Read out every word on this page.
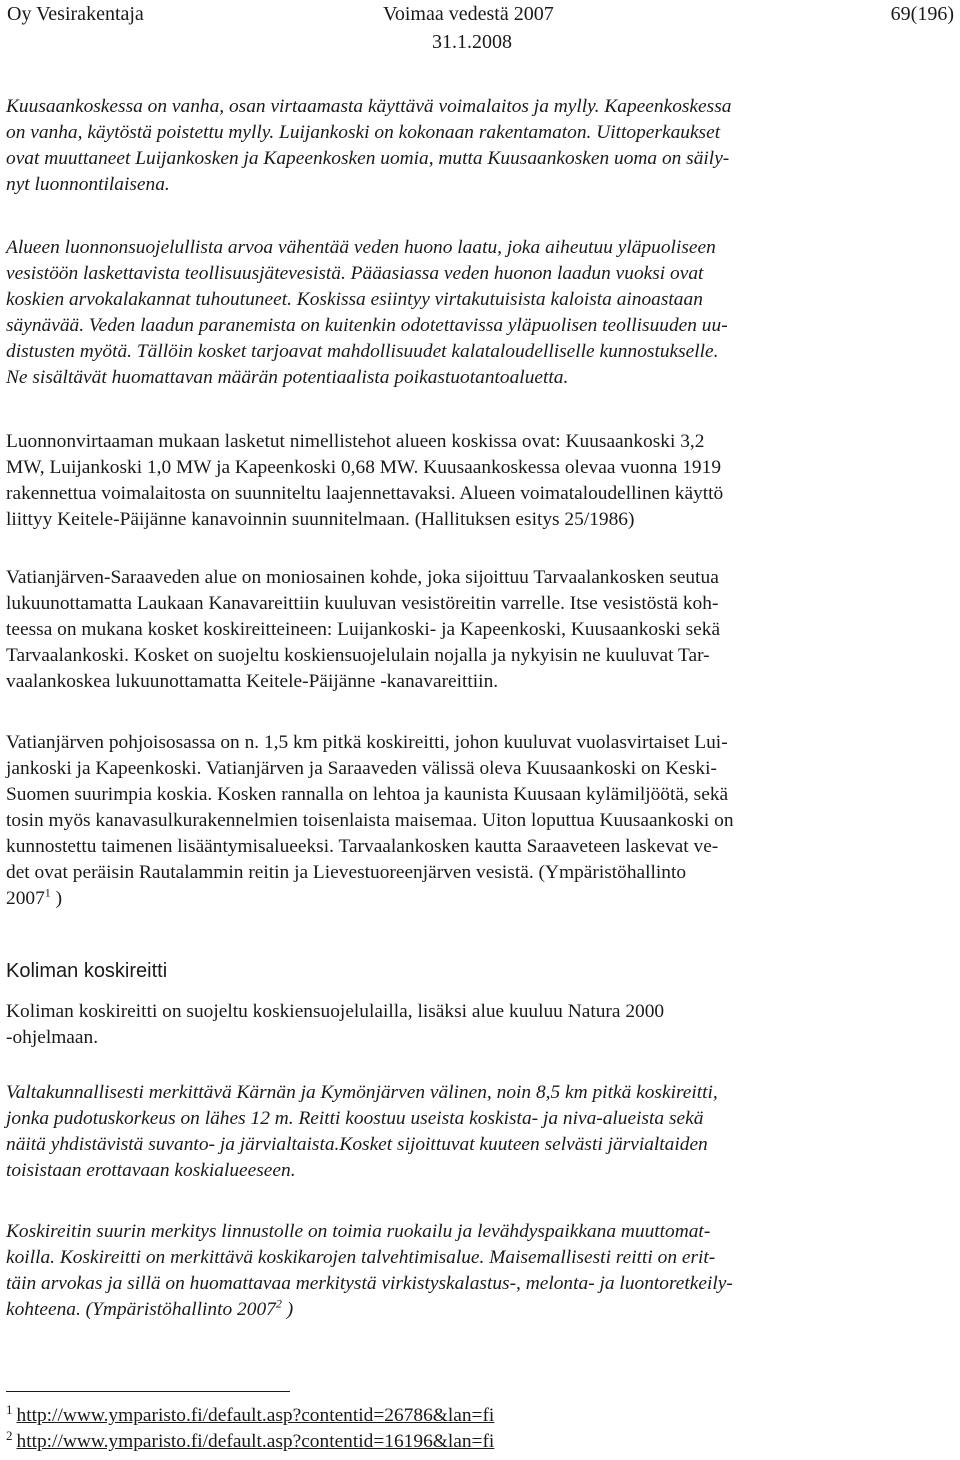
Oy Vesirakentaja	Voimaa vedestä 2007
31.1.2008
69(196)
Kuusaankoskessa on vanha, osan virtaamasta käyttävä voimalaitos ja mylly. Kapeenkoskessa
on vanha, käytöstä poistettu mylly. Luijankoski on kokonaan rakentamaton. Uittoperkaukset
ovat muuttaneet Luijankosken ja Kapeenkosken uomia, mutta Kuusaankosken uoma on säily-
nyt luonnontilaisena.
Alueen luonnonsuojelullista arvoa vähentää veden huono laatu, joka aiheutuu yläpuoliseen
vesistöön laskettavista teollisuusjätevesistä. Pääasiassa veden huonon laadun vuoksi ovat
koskien arvokalakannat tuhoutuneet. Koskissa esiintyy virtakutuisista kaloista ainoastaan
säynävää. Veden laadun paranemista on kuitenkin odotettavissa yläpuolisen teollisuuden uu-
distusten myötä. Tällöin kosket tarjoavat mahdollisuudet kalataloudelliselle kunnostukselle.
Ne sisältävät huomattavan määrän potentiaalista poikastuotantoaluetta.
Luonnonvirtaaman mukaan lasketut nimellistehot alueen koskissa ovat: Kuusaankoski 3,2
MW, Luijankoski 1,0 MW ja Kapeenkoski 0,68 MW. Kuusaankoskessa olevaa vuonna 1919
rakennettua voimalaitosta on suunniteltu laajennettavaksi. Alueen voimataloudellinen käyttö
liittyy Keitele-Päijänne kanavoinnin suunnitelmaan. (Hallituksen esitys 25/1986)
Vatianjärven-Saraaveden alue on moniosainen kohde, joka sijoittuu Tarvaalankosken seutua
lukuunottamatta Laukaan Kanavareittiin kuuluvan vesistöreitin varrelle. Itse vesistöstä koh-
teessa on mukana kosket koskireitteineen: Luijankoski- ja Kapeenkoski, Kuusaankoski sekä
Tarvaalankoski. Kosket on suojeltu koskiensuojelulain nojalla ja nykyisin ne kuuluvat Tar-
vaalankoskea lukuunottamatta Keitele-Päijänne -kanavareittiin.
Vatianjärven pohjoisosassa on n. 1,5 km pitkä koskireitti, johon kuuluvat vuolasvirtaiset Lui-
jankoski ja Kapeenkoski. Vatianjärven ja Saraaveden välissä oleva Kuusaankoski on Keski-
Suomen suurimpia koskia. Kosken rannalla on lehtoa ja kaunista Kuusaan kylämiljöötä, sekä
tosin myös kanavasulkurakennelmien toisenlaista maisemaa. Uiton loputtua Kuusaankoski on
kunnostettu taimenen lisääntymisalueeksi. Tarvaalankosken kautta Saraaveteen laskevat ve-
det ovat peräisin Rautalammin reitin ja Lievestuoreenjärven vesistä. (Ympäristöhallinto
2007$^1$ )
Koliman koskireitti on suojeltu koskiensuojelulailla, lisäksi alue kuuluu Natura 2000
-ohjelmaan.
Valtakunnallisesti merkittävä Kärnän ja Kymönjärven välinen, noin 8,5 km pitkä koskireitti,
jonka pudotuskorkeus on lähes 12 m. Reitti koostuu useista koskista- ja niva-alueista sekä
näitä yhdistävistä suvanto- ja järvialtaista.Kosket sijoittuvat kuuteen selvästi järvialtaiden
toisistaan erottavaan koskialueeseen.
Koskireitin suurin merkitys linnustolle on toimia ruokailu ja levähdyspaikkana muuttomat-
koilla. Koskireitti on merkittävä koskikarojen talvehtimisalue. Maisemallisesti reitti on erit-
täin arvokas ja sillä on huomattavaa merkitystä virkistyskalastus-, melonta- ja luontoretkeily-
kohteena. (Ympäristöhallinto 2007$^2$ )
Koliman koskireitti
$^1$ http://www.ymparisto.fi/default.asp?contentid=26786&lan=fi
$^2$ http://www.ymparisto.fi/default.asp?contentid=16196&lan=fi
